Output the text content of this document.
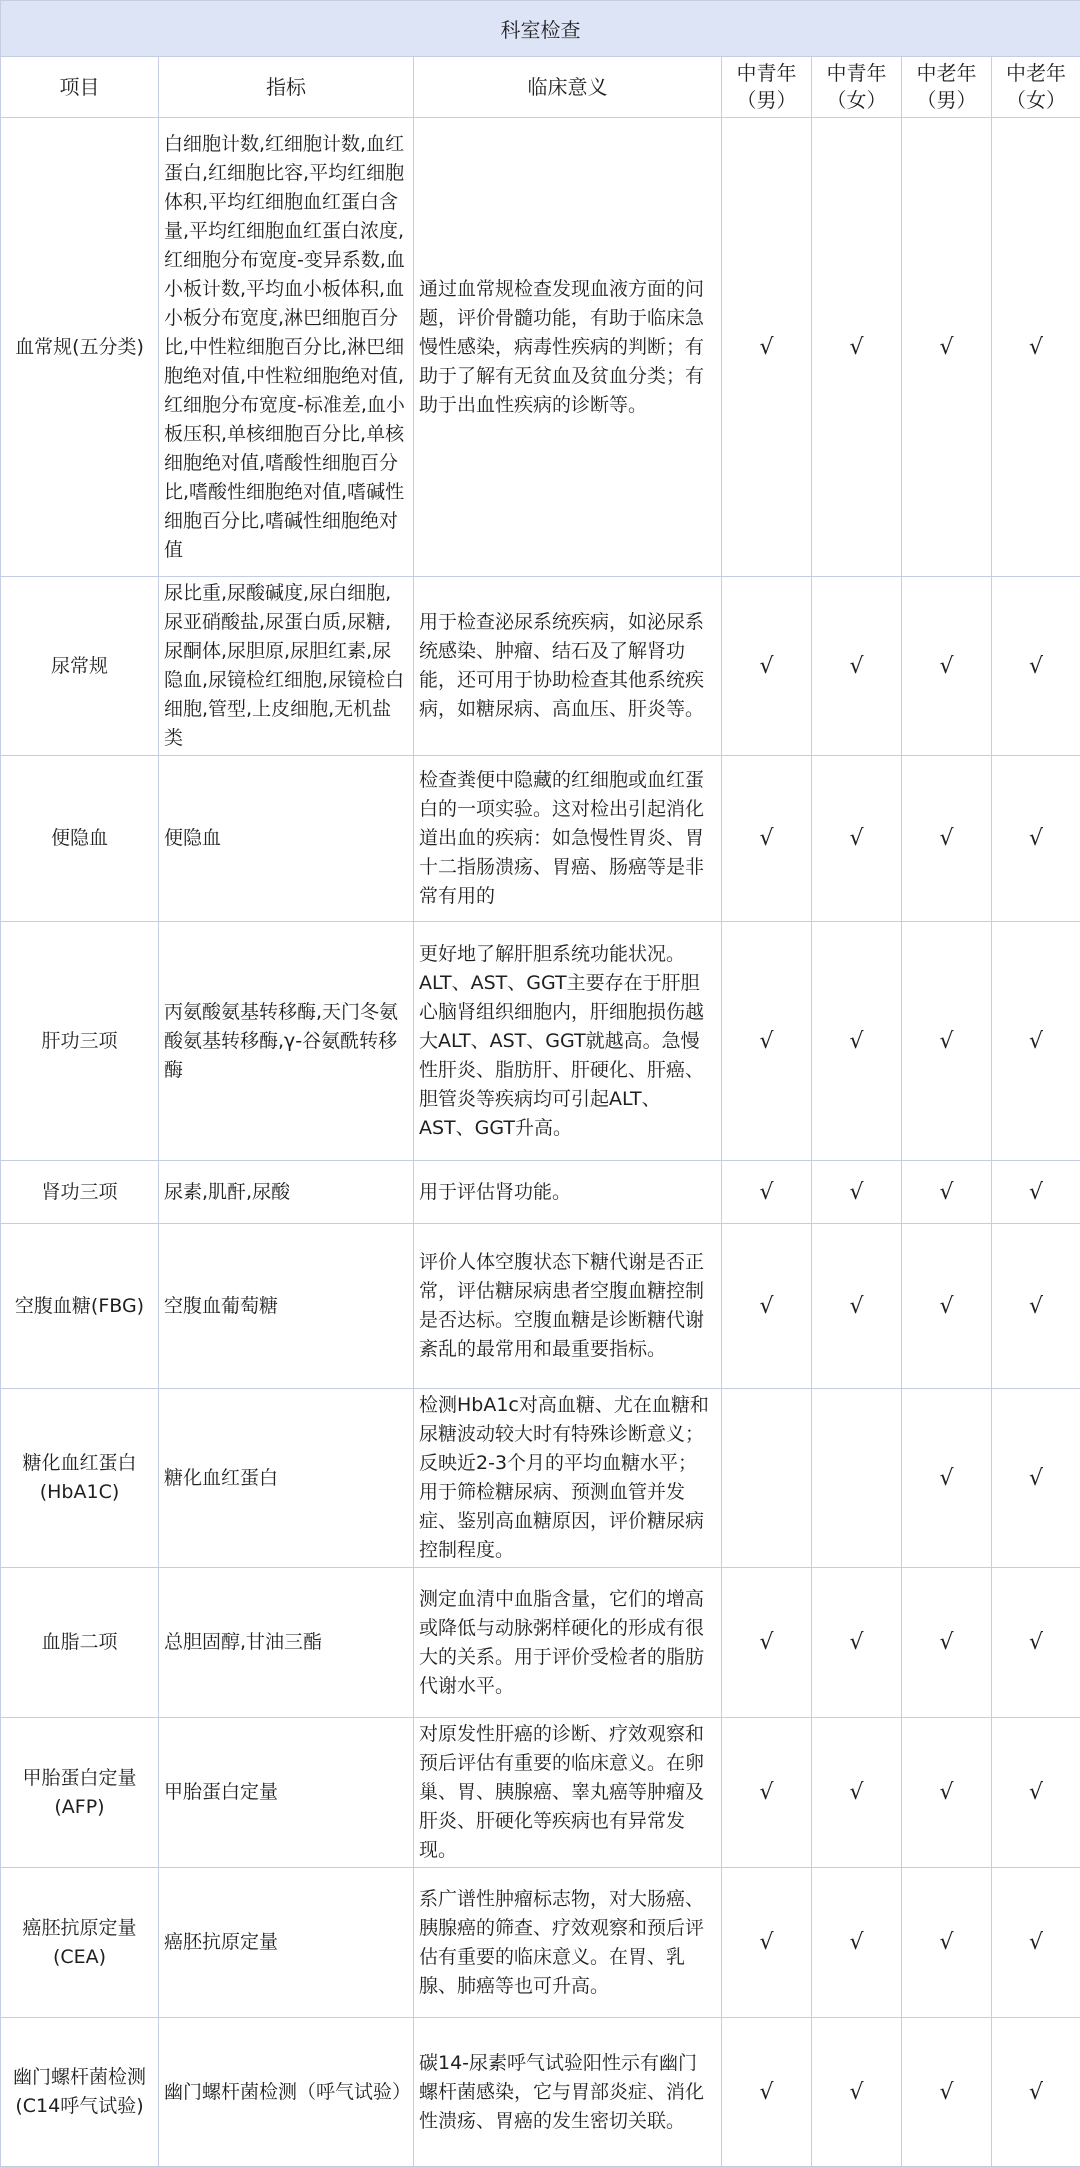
科室检查						
项目	指标	临床意义	中青年（男）	中青年（女）	中老年（男）	中老年（女）
血常规(五分类)	白细胞计数,红细胞计数,血红蛋白,红细胞比容,平均红细胞体积,平均红细胞血红蛋白含量,平均红细胞血红蛋白浓度,红细胞分布宽度-变异系数,血小板计数,平均血小板体积,血小板分布宽度,淋巴细胞百分比,中性粒细胞百分比,淋巴细胞绝对值,中性粒细胞绝对值,红细胞分布宽度-标准差,血小板压积,单核细胞百分比,单核细胞绝对值,嗜酸性细胞百分比,嗜酸性细胞绝对值,嗜碱性细胞百分比,嗜碱性细胞绝对值	通过血常规检查发现血液方面的问题，评价骨髓功能，有助于临床急慢性感染，病毒性疾病的判断；有助于了解有无贫血及贫血分类；有助于出血性疾病的诊断等。	√	√	√	√
尿常规	尿比重,尿酸碱度,尿白细胞,尿亚硝酸盐,尿蛋白质,尿糖,尿酮体,尿胆原,尿胆红素,尿隐血,尿镜检红细胞,尿镜检白细胞,管型,上皮细胞,无机盐类	用于检查泌尿系统疾病，如泌尿系统感染、肿瘤、结石及了解肾功能，还可用于协助检查其他系统疾病，如糖尿病、高血压、肝炎等。	√	√	√	√
便隐血	便隐血	检查粪便中隐藏的红细胞或血红蛋白的一项实验。这对检出引起消化道出血的疾病：如急慢性胃炎、胃十二指肠溃疡、胃癌、肠癌等是非常有用的	√	√	√	√
肝功三项	丙氨酸氨基转移酶,天门冬氨酸氨基转移酶,γ-谷氨酰转移酶	更好地了解肝胆系统功能状况。ALT、AST、GGT主要存在于肝胆心脑肾组织细胞内，肝细胞损伤越大ALT、AST、GGT就越高。急慢性肝炎、脂肪肝、肝硬化、肝癌、胆管炎等疾病均可引起ALT、AST、GGT升高。	√	√	√	√
肾功三项	尿素,肌酐,尿酸	用于评估肾功能。	√	√	√	√
空腹血糖(FBG)	空腹血葡萄糖	评价人体空腹状态下糖代谢是否正常，评估糖尿病患者空腹血糖控制是否达标。空腹血糖是诊断糖代谢紊乱的最常用和最重要指标。	√	√	√	√
糖化血红蛋白(HbA1C)	糖化血红蛋白	检测HbA1c对高血糖、尤在血糖和尿糖波动较大时有特殊诊断意义；反映近2-3个月的平均血糖水平；用于筛检糖尿病、预测血管并发症、鉴别高血糖原因，评价糖尿病控制程度。			√	√
血脂二项	总胆固醇,甘油三酯	测定血清中血脂含量，它们的增高或降低与动脉粥样硬化的形成有很大的关系。用于评价受检者的脂肪代谢水平。	√	√	√	√
甲胎蛋白定量(AFP)	甲胎蛋白定量	对原发性肝癌的诊断、疗效观察和预后评估有重要的临床意义。在卵巢、胃、胰腺癌、睾丸癌等肿瘤及肝炎、肝硬化等疾病也有异常发现。	√	√	√	√
癌胚抗原定量(CEA)	癌胚抗原定量	系广谱性肿瘤标志物，对大肠癌、胰腺癌的筛查、疗效观察和预后评估有重要的临床意义。在胃、乳腺、肺癌等也可升高。	√	√	√	√
幽门螺杆菌检测(C14呼气试验)	幽门螺杆菌检测（呼气试验）	碳14-尿素呼气试验阳性示有幽门螺杆菌感染，它与胃部炎症、消化性溃疡、胃癌的发生密切关联。	√	√	√	√
